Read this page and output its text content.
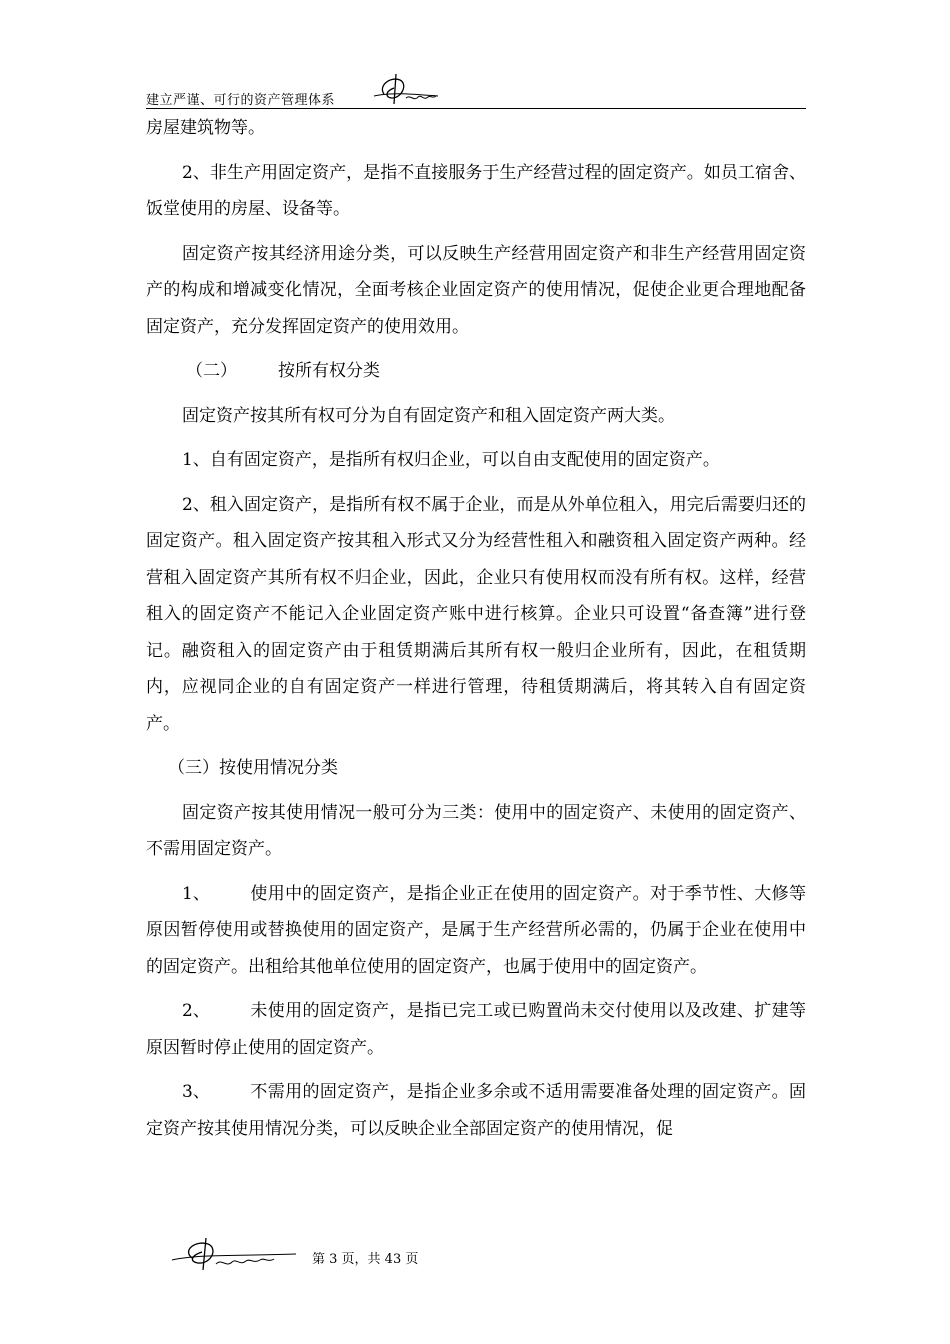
建立严谨、可行的资产管理体系

房屋建筑物等。

2、非生产用固定资产，是指不直接服务于生产经营过程的固定资产。如员工宿舍、饭堂使用的房屋、设备等。

固定资产按其经济用途分类，可以反映生产经营用固定资产和非生产经营用固定资产的构成和增减变化情况，全面考核企业固定资产的使用情况，促使企业更合理地配备固定资产，充分发挥固定资产的使用效用。

（二） 按所有权分类

固定资产按其所有权可分为自有固定资产和租入固定资产两大类。

1、自有固定资产，是指所有权归企业，可以自由支配使用的固定资产。

2、租入固定资产，是指所有权不属于企业，而是从外单位租入，用完后需要归还的固定资产。租入固定资产按其租入形式又分为经营性租入和融资租入固定资产两种。经营租入固定资产其所有权不归企业，因此，企业只有使用权而没有所有权。这样，经营租入的固定资产不能记入企业固定资产账中进行核算。企业只可设置“备查簿”进行登记。融资租入的固定资产由于租赁期满后其所有权一般归企业所有，因此，在租赁期内，应视同企业的自有固定资产一样进行管理，待租赁期满后，将其转入自有固定资产。

（三）按使用情况分类

固定资产按其使用情况一般可分为三类：使用中的固定资产、未使用的固定资产、不需用固定资产。

1、 使用中的固定资产，是指企业正在使用的固定资产。对于季节性、大修等原因暂停使用或替换使用的固定资产，是属于生产经营所必需的，仍属于企业在使用中的固定资产。出租给其他单位使用的固定资产，也属于使用中的固定资产。

2、 未使用的固定资产，是指已完工或已购置尚未交付使用以及改建、扩建等原因暂时停止使用的固定资产。

3、 不需用的固定资产，是指企业多余或不适用需要准备处理的固定资产。固定资产按其使用情况分类，可以反映企业全部固定资产的使用情况，促

第 3 页，共 43 页
